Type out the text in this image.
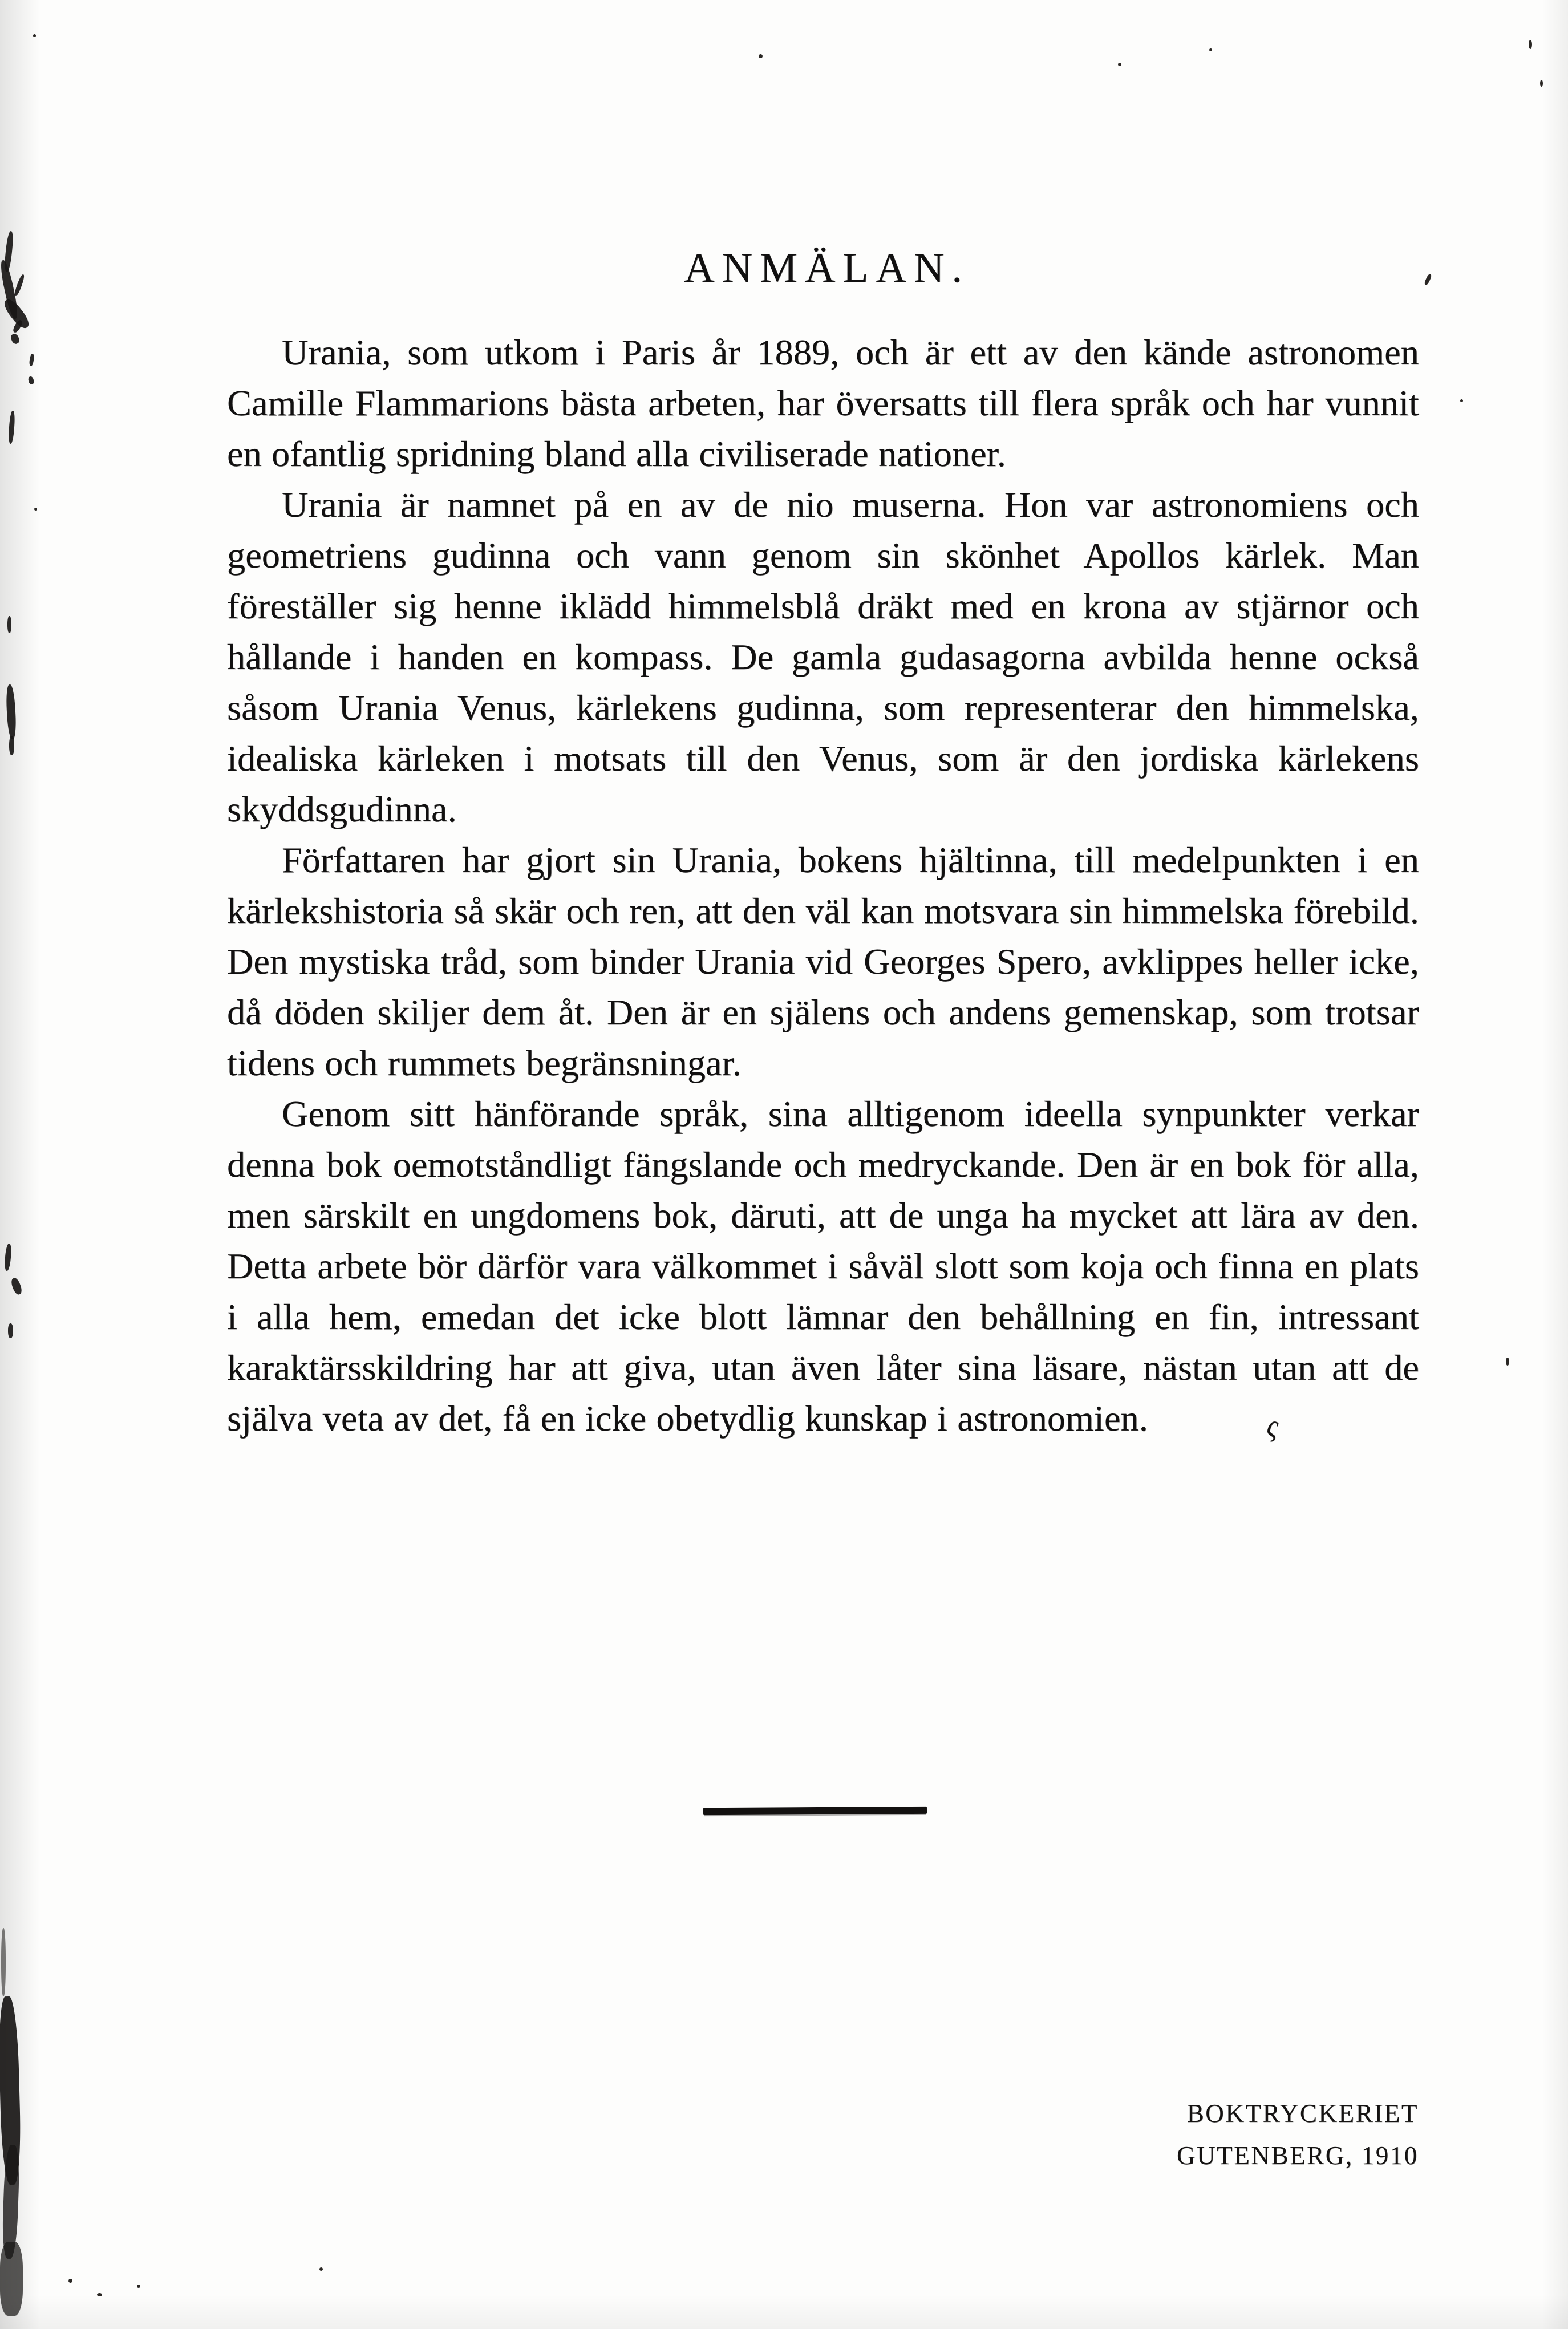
ANMÄLAN.

Urania, som utkom i Paris år 1889, och är ett av den kände astronomen Camille Flammarions bästa arbeten, har översatts till flera språk och har vunnit en ofantlig spridning bland alla civiliserade nationer.

Urania är namnet på en av de nio muserna. Hon var astronomiens och geometriens gudinna och vann genom sin skönhet Apollos kärlek. Man föreställer sig henne iklädd himmelsblå dräkt med en krona av stjärnor och hållande i handen en kompass. De gamla gudasagorna avbilda henne också såsom Urania Venus, kärlekens gudinna, som representerar den himmelska, idealiska kärleken i motsats till den Venus, som är den jordiska kärlekens skyddsgudinna.

Författaren har gjort sin Urania, bokens hjältinna, till medelpunkten i en kärlekshistoria så skär och ren, att den väl kan motsvara sin himmelska förebild. Den mystiska tråd, som binder Urania vid Georges Spero, avklippes heller icke, då döden skiljer dem åt. Den är en själens och andens gemenskap, som trotsar tidens och rummets begränsningar.

Genom sitt hänförande språk, sina alltigenom ideella synpunkter verkar denna bok oemotståndligt fängslande och medryckande. Den är en bok för alla, men särskilt en ungdomens bok, däruti, att de unga ha mycket att lära av den. Detta arbete bör därför vara välkommet i såväl slott som koja och finna en plats i alla hem, emedan det icke blott lämnar den behållning en fin, intressant karaktärsskildring har att giva, utan även låter sina läsare, nästan utan att de själva veta av det, få en icke obetydlig kunskap i astronomien.	ς

BOKTRYCKERIET
GUTENBERG, 1910
